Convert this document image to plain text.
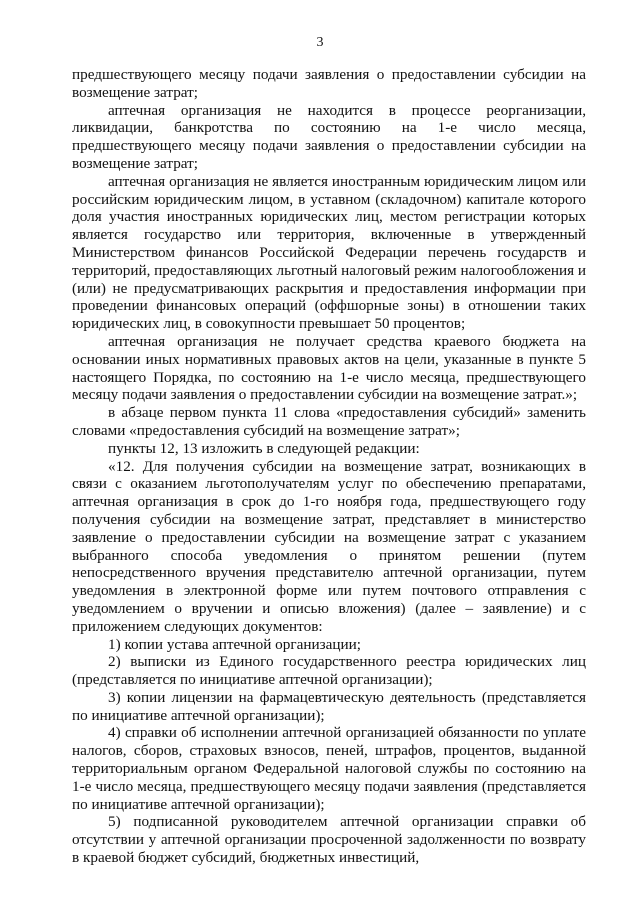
3

предшествующего месяцу подачи заявления о предоставлении субсидии на возмещение затрат;

аптечная организация не находится в процессе реорганизации, ликвидации, банкротства по состоянию на 1-е число месяца, предшествующего месяцу подачи заявления о предоставлении субсидии на возмещение затрат;

аптечная организация не является иностранным юридическим лицом или российским юридическим лицом, в уставном (складочном) капитале которого доля участия иностранных юридических лиц, местом регистрации которых является государство или территория, включенные в утвержденный Министерством финансов Российской Федерации перечень государств и территорий, предоставляющих льготный налоговый режим налогообложения и (или) не предусматривающих раскрытия и предоставления информации при проведении финансовых операций (оффшорные зоны) в отношении таких юридических лиц, в совокупности превышает 50 процентов;

аптечная организация не получает средства краевого бюджета на основании иных нормативных правовых актов на цели, указанные в пункте 5 настоящего Порядка, по состоянию на 1-е число месяца, предшествующего месяцу подачи заявления о предоставлении субсидии на возмещение затрат.»;

в абзаце первом пункта 11 слова «предоставления субсидий» заменить словами «предоставления субсидий на возмещение затрат»;

пункты 12, 13 изложить в следующей редакции:

«12. Для получения субсидии на возмещение затрат, возникающих в связи с оказанием льготополучателям услуг по обеспечению препаратами, аптечная организация в срок до 1-го ноября года, предшествующего году получения субсидии на возмещение затрат, представляет в министерство заявление о предоставлении субсидии на возмещение затрат с указанием выбранного способа уведомления о принятом решении (путем непосредственного вручения представителю аптечной организации, путем уведомления в электронной форме или путем почтового отправления с уведомлением о вручении и описью вложения) (далее – заявление) и с приложением следующих документов:

1) копии устава аптечной организации;

2) выписки из Единого государственного реестра юридических лиц (представляется по инициативе аптечной организации);

3) копии лицензии на фармацевтическую деятельность (представляется по инициативе аптечной организации);

4) справки об исполнении аптечной организацией обязанности по уплате налогов, сборов, страховых взносов, пеней, штрафов, процентов, выданной территориальным органом Федеральной налоговой службы по состоянию на 1-е число месяца, предшествующего месяцу подачи заявления (представляется по инициативе аптечной организации);

5) подписанной руководителем аптечной организации справки об отсутствии у аптечной организации просроченной задолженности по возврату в краевой бюджет субсидий, бюджетных инвестиций,
